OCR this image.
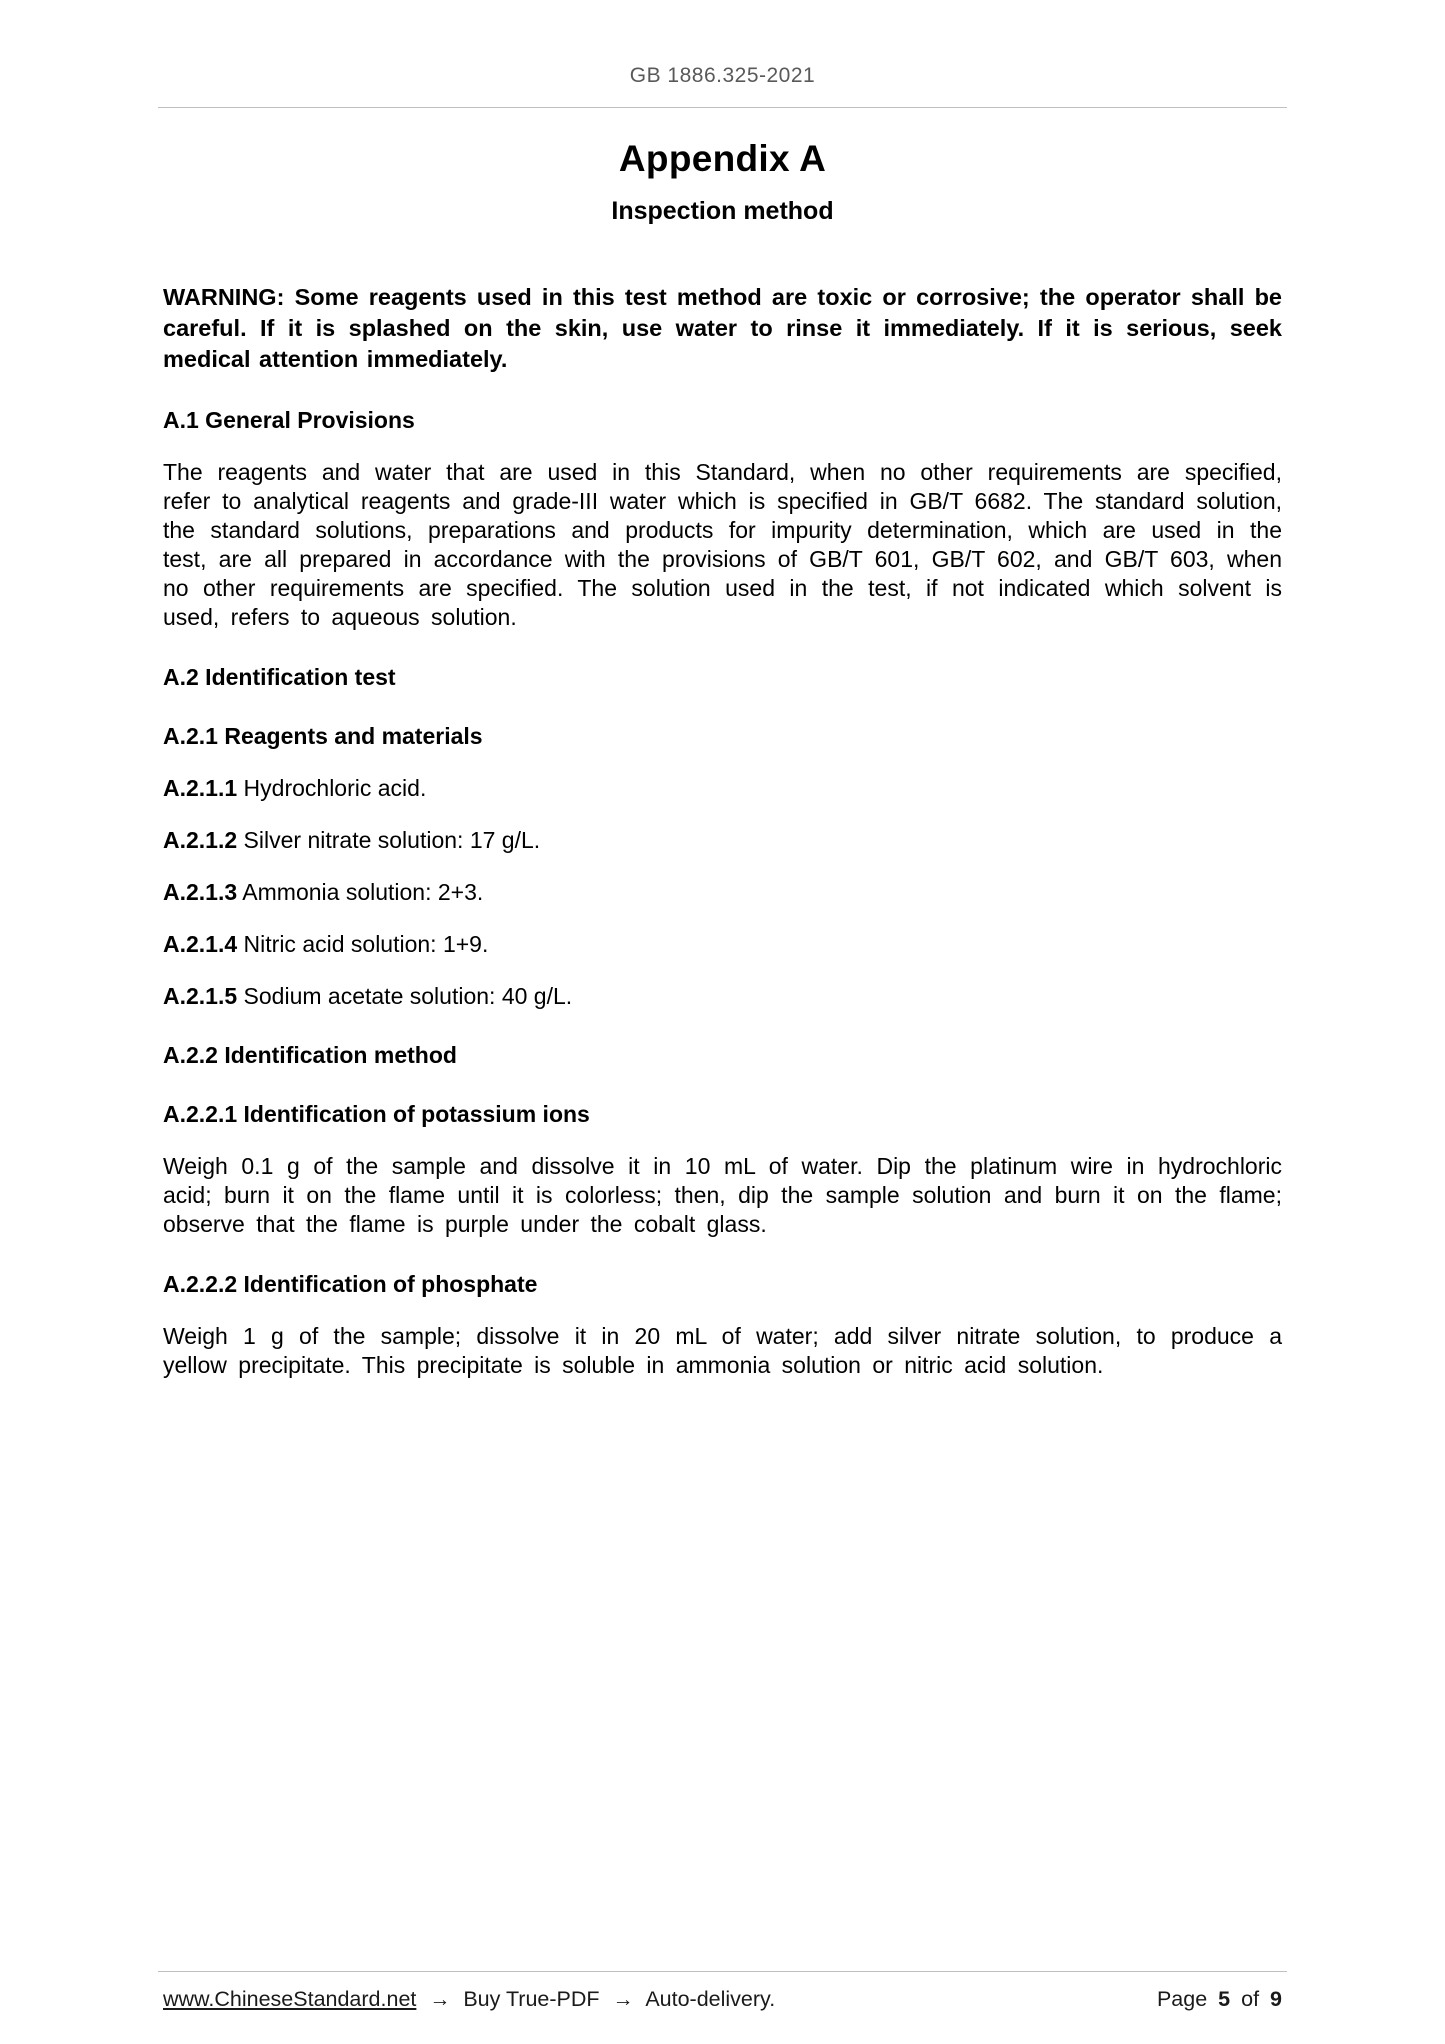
GB 1886.325-2021
Appendix A
Inspection method

WARNING: Some reagents used in this test method are toxic or corrosive; the operator shall be careful. If it is splashed on the skin, use water to rinse it immediately. If it is serious, seek medical attention immediately.

A.1 General Provisions

The reagents and water that are used in this Standard, when no other requirements are specified, refer to analytical reagents and grade-III water which is specified in GB/T 6682. The standard solution, the standard solutions, preparations and products for impurity determination, which are used in the test, are all prepared in accordance with the provisions of GB/T 601, GB/T 602, and GB/T 603, when no other requirements are specified. The solution used in the test, if not indicated which solvent is used, refers to aqueous solution.

A.2 Identification test
A.2.1 Reagents and materials

A.2.1.1 Hydrochloric acid.

A.2.1.2 Silver nitrate solution: 17 g/L.

A.2.1.3 Ammonia solution: 2+3.

A.2.1.4 Nitric acid solution: 1+9.

A.2.1.5 Sodium acetate solution: 40 g/L.

A.2.2 Identification method
A.2.2.1 Identification of potassium ions

Weigh 0.1 g of the sample and dissolve it in 10 mL of water. Dip the platinum wire in hydrochloric acid; burn it on the flame until it is colorless; then, dip the sample solution and burn it on the flame; observe that the flame is purple under the cobalt glass.

A.2.2.2 Identification of phosphate

Weigh 1 g of the sample; dissolve it in 20 mL of water; add silver nitrate solution, to produce a yellow precipitate. This precipitate is soluble in ammonia solution or nitric acid solution.

www.ChineseStandard.net → Buy True-PDF → Auto-delivery.	Page 5 of 9
